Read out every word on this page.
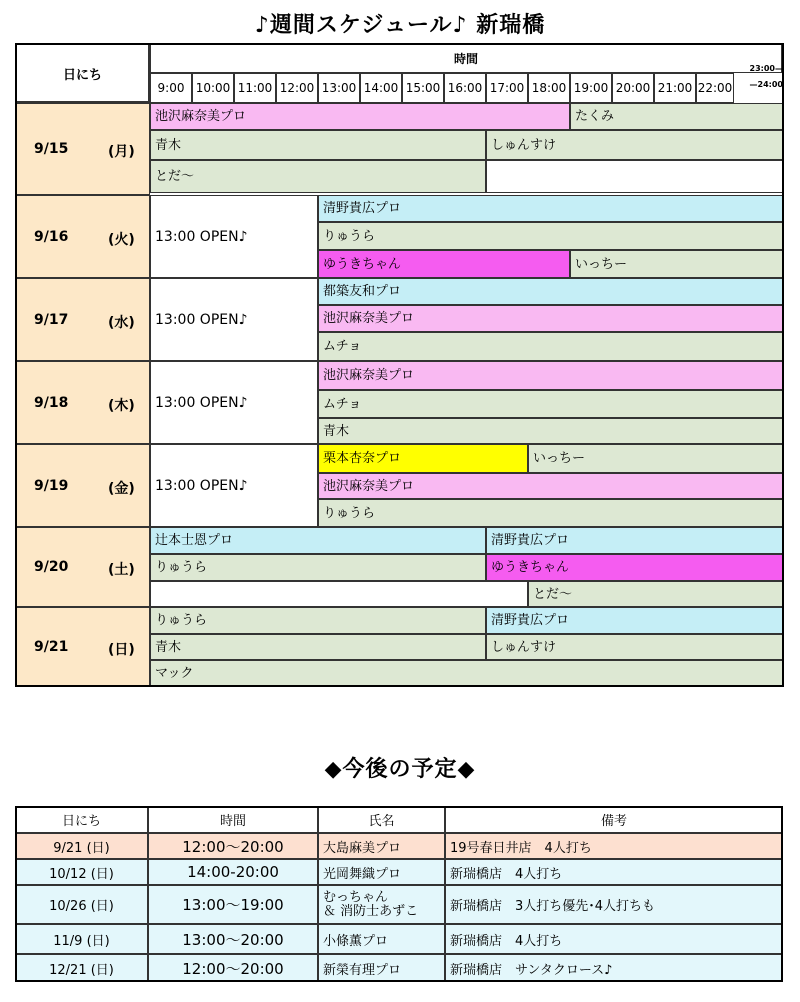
♪週間スケジュール♪ 新瑞橋
日にち
時間
9:00 10:00 11:00 12:00 13:00 14:00 15:00 16:00 17:00 18:00 19:00 20:00 21:00 22:00
23:00—
—24:00
9/15	(月)
池沢麻奈美プロ	たくみ
青木	しゅんすけ
とだ～
9/16	(火)	13:00 OPEN♪
清野貴広プロ
りゅうら
ゆうきちゃん	いっちー
9/17	(水)	13:00 OPEN♪
都築友和プロ
池沢麻奈美プロ
ムチョ
9/18	(木)	13:00 OPEN♪
池沢麻奈美プロ
ムチョ
青木
9/19	(金)	13:00 OPEN♪
栗本杏奈プロ	いっちー
池沢麻奈美プロ
りゅうら
9/20	(土)
辻本士恩プロ	清野貴広プロ
りゅうら	ゆうきちゃん
とだ～
9/21	(日)
りゅうら	清野貴広プロ
青木	しゅんすけ
マック
◆今後の予定◆
日にち	時間	氏名	備考
9/21 (日)	12:00～20:00	大島麻美プロ	19号春日井店　4人打ち
10/12 (日)	14:00-20:00	光岡舞織プロ	新瑞橋店　4人打ち
10/26 (日)	13:00～19:00	むっちゃん
＆ 消防士あずこ	新瑞橋店　3人打ち優先･4人打ちも
11/9 (日)	13:00～20:00	小條薫プロ	新瑞橋店　4人打ち
12/21 (日)	12:00～20:00	新榮有理プロ	新瑞橋店　サンタクロース♪
